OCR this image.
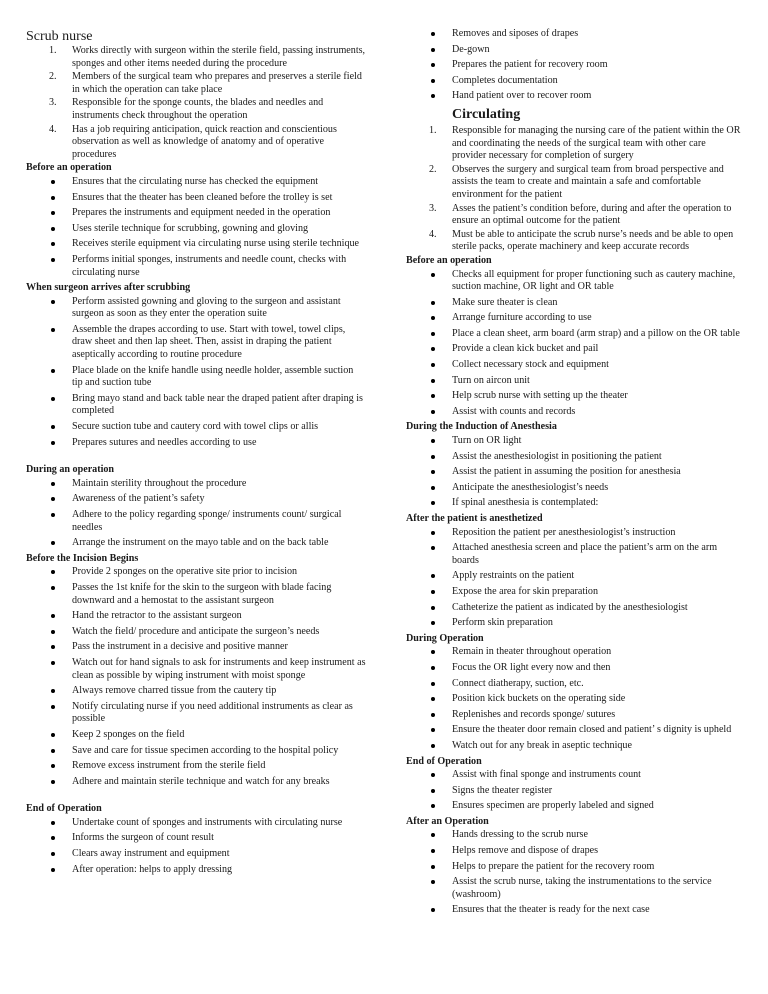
Scrub nurse
1. Works directly with surgeon within the sterile field, passing instruments, sponges and other items needed during the procedure
2. Members of the surgical team who prepares and preserves a sterile field in which the operation can take place
3. Responsible for the sponge counts, the blades and needles and instruments check throughout the operation
4. Has a job requiring anticipation, quick reaction and conscientious observation as well as knowledge of anatomy and of operative procedures
Before an operation
Ensures that the circulating nurse has checked the equipment
Ensures that the theater has been cleaned before the trolley is set
Prepares the instruments and equipment needed in the operation
Uses sterile technique for scrubbing, gowning and gloving
Receives sterile equipment via circulating nurse using sterile technique
Performs initial sponges, instruments and needle count, checks with circulating nurse
When surgeon arrives after scrubbing
Perform assisted gowning and gloving to the surgeon and assistant surgeon as soon as they enter the operation suite
Assemble the drapes according to use. Start with towel, towel clips, draw sheet and then lap sheet. Then, assist in draping the patient aseptically according to routine procedure
Place blade on the knife handle using needle holder, assemble suction tip and suction tube
Bring mayo stand and back table near the draped patient after draping is completed
Secure suction tube and cautery cord with towel clips or allis
Prepares sutures and needles according to use
During an operation
Maintain sterility throughout the procedure
Awareness of the patient’s safety
Adhere to the policy regarding sponge/ instruments count/ surgical needles
Arrange the instrument on the mayo table and on the back table
Before the Incision Begins
Provide 2 sponges on the operative site prior to incision
Passes the 1st knife for the skin to the surgeon with blade facing downward and a hemostat to the assistant surgeon
Hand the retractor to the assistant surgeon
Watch the field/ procedure and anticipate the surgeon’s needs
Pass the instrument in a decisive and positive manner
Watch out for hand signals to ask for instruments and keep instrument as clean as possible by wiping instrument with moist sponge
Always remove charred tissue from the cautery tip
Notify circulating nurse if you need additional instruments as clear as possible
Keep 2 sponges on the field
Save and care for tissue specimen according to the hospital policy
Remove excess instrument from the sterile field
Adhere and maintain sterile technique and watch for any breaks
End of Operation
Undertake count of sponges and instruments with circulating nurse
Informs the surgeon of count result
Clears away instrument and equipment
After operation: helps to apply dressing
Removes and siposes of drapes
De-gown
Prepares the patient for recovery room
Completes documentation
Hand patient over to recover room
Circulating
1. Responsible for managing the nursing care of the patient within the OR and coordinating the needs of the surgical team with other care provider necessary for completion of surgery
2. Observes the surgery and surgical team from broad perspective and assists the team to create and maintain a safe and comfortable environment for the patient
3. Asses the patient’s condition before, during and after the operation to ensure an optimal outcome for the patient
4. Must be able to anticipate the scrub nurse’s needs and be able to open sterile packs, operate machinery and keep accurate records
Before an operation
Checks all equipment for proper functioning such as cautery machine, suction machine, OR light and OR table
Make sure theater is clean
Arrange furniture according to use
Place a clean sheet, arm board (arm strap) and a pillow on the OR table
Provide a clean kick bucket and pail
Collect necessary stock and equipment
Turn on aircon unit
Help scrub nurse with setting up the theater
Assist with counts and records
During the Induction of Anesthesia
Turn on OR light
Assist the anesthesiologist in positioning the patient
Assist the patient in assuming the position for anesthesia
Anticipate the anesthesiologist’s needs
If spinal anesthesia is contemplated:
After the patient is anesthetized
Reposition the patient per anesthesiologist’s instruction
Attached anesthesia screen and place the patient’s arm on the arm boards
Apply restraints on the patient
Expose the area for skin preparation
Catheterize the patient as indicated by the anesthesiologist
Perform skin preparation
During Operation
Remain in theater throughout operation
Focus the OR light every now and then
Connect diatherapy, suction, etc.
Position kick buckets on the operating side
Replenishes and records sponge/ sutures
Ensure the theater door remain closed and patient’ s dignity is upheld
Watch out for any break in aseptic technique
End of Operation
Assist with final sponge and instruments count
Signs the theater register
Ensures specimen are properly labeled and signed
After an Operation
Hands dressing to the scrub nurse
Helps remove and dispose of drapes
Helps to prepare the patient for the recovery room
Assist the scrub nurse, taking the instrumentations to the service (washroom)
Ensures that the theater is ready for the next case
